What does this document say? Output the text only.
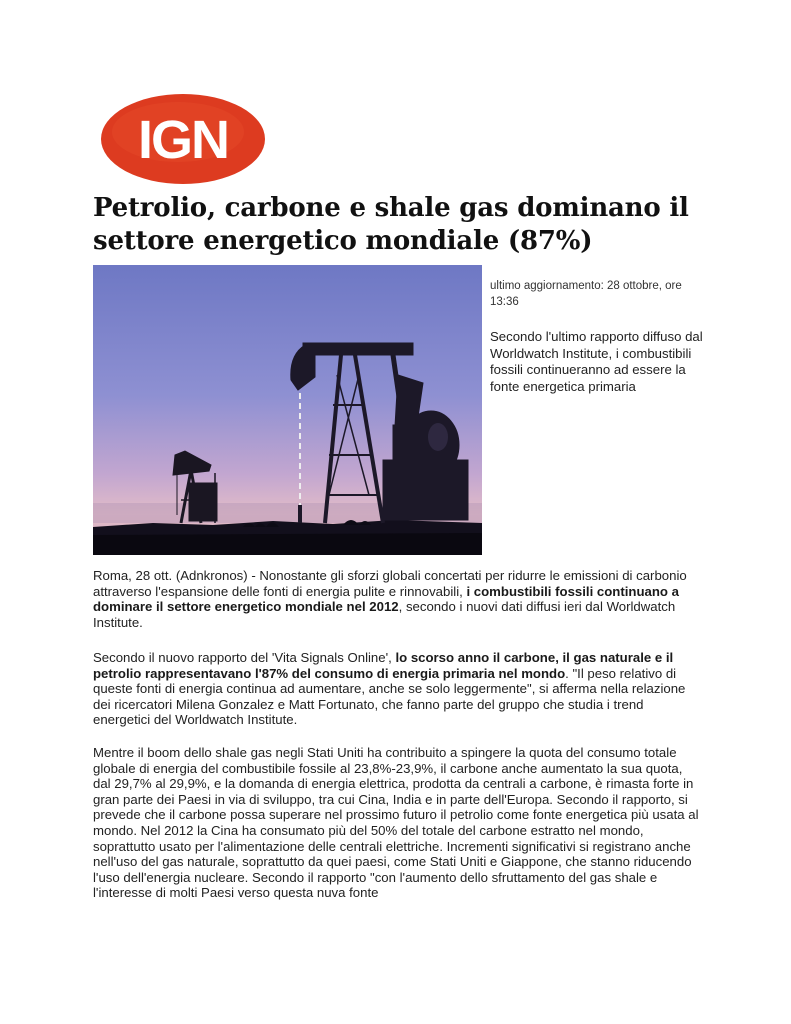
IGN
Petrolio, carbone e shale gas dominano il settore energetico mondiale (87%)
ultimo aggiornamento: 28 ottobre, ore 13:36
Secondo l'ultimo rapporto diffuso dal Worldwatch Institute, i combustibili fossili continueranno ad essere la fonte energetica primaria

Roma, 28 ott. (Adnkronos) - Nonostante gli sforzi globali concertati per ridurre le emissioni di carbonio attraverso l'espansione delle fonti di energia pulite e rinnovabili, i combustibili fossili continuano a dominare il settore energetico mondiale nel 2012, secondo i nuovi dati diffusi ieri dal Worldwatch Institute.

Secondo il nuovo rapporto del 'Vita Signals Online', lo scorso anno il carbone, il gas naturale e il petrolio rappresentavano l'87% del consumo di energia primaria nel mondo. "Il peso relativo di queste fonti di energia continua ad aumentare, anche se solo leggermente", si afferma nella relazione dei ricercatori Milena Gonzalez e Matt Fortunato, che fanno parte del gruppo che studia i trend energetici del Worldwatch Institute.

Mentre il boom dello shale gas negli Stati Uniti ha contribuito a spingere la quota del consumo totale globale di energia del combustibile fossile al 23,8%-23,9%, il carbone anche aumentato la sua quota, dal 29,7% al 29,9%, e la domanda di energia elettrica, prodotta da centrali a carbone, è rimasta forte in gran parte dei Paesi in via di sviluppo, tra cui Cina, India e in parte dell'Europa. Secondo il rapporto, si prevede che il carbone possa superare nel prossimo futuro il petrolio come fonte energetica più usata al mondo. Nel 2012 la Cina ha consumato più del 50% del totale del carbone estratto nel mondo, soprattutto usato per l'alimentazione delle centrali elettriche. Incrementi significativi si registrano anche nell'uso del gas naturale, soprattutto da quei paesi, come Stati Uniti e Giappone, che stanno riducendo l'uso dell'energia nucleare. Secondo il rapporto "con l'aumento dello sfruttamento del gas shale e l'interesse di molti Paesi verso questa nuva fonte
